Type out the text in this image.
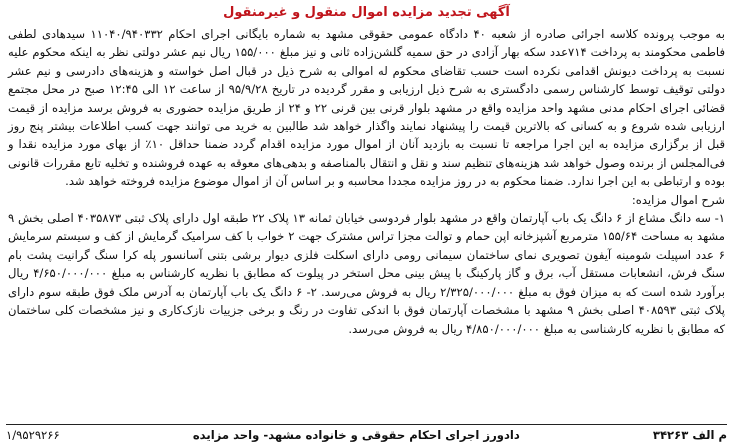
آگهی تجدید مزایده اموال منقول و غیرمنقول

به موجب پرونده کلاسه اجرائی صادره از شعبه ۴۰ دادگاه عمومی حقوقی مشهد به شماره بایگانی اجرای احکام ۱۱۰۴۰/۹۴۰۳۳۲ سیدهادی لطفی فاطمی محکومند به پرداخت ۷۱۴عدد سکه بهار آزادی در حق سمیه گلشن‌زاده ثانی و نیز مبلغ ۱۵۵/۰۰۰ ریال نیم عشر دولتی نظر به اینکه محکوم علیه نسبت به پرداخت دیونش اقدامی نکرده است حسب تقاضای محکوم له اموالی به شرح ذیل در قبال اصل خواسته و هزینه‌های دادرسی و نیم عشر دولتی توقیف توسط کارشناس رسمی دادگستری به شرح ذیل ارزیابی و مقرر گردیده در تاریخ ۹۵/۹/۲۸ از ساعت ۱۲ الی ۱۲:۴۵ صبح در محل مجتمع قضائی اجرای احکام مدنی مشهد واحد مزایده واقع در مشهد بلوار قرنی بین قرنی ۲۲ و ۲۴ از طریق مزایده حضوری به فروش برسد مزایده از قیمت ارزیابی شده شروع و به کسانی که بالاترین قیمت را پیشنهاد نمایند واگذار خواهد شد طالبین به خرید می توانند جهت کسب اطلاعات بیشتر پنج روز قبل از برگزاری مزایده به این اجرا مراجعه تا نسبت به بازدید آنان از اموال مورد مزایده اقدام گردد ضمنا حداقل ۱۰٪ از بهای مورد مزایده نقدا و فی‌المجلس از برنده وصول خواهد شد هزینه‌های تنظیم سند و نقل و انتقال بالمناصفه و بدهی‌های معوقه به عهده فروشنده و تخلیه تابع مقررات قانونی بوده و ارتباطی به این اجرا ندارد. ضمنا محکوم به در روز مزایده مجددا محاسبه و بر اساس آن از اموال موضوع مزایده فروخته خواهد شد.

شرح اموال مزایده:

۱- سه دانگ مشاع از ۶ دانگ یک باب آپارتمان واقع در مشهد بلوار فردوسی خیابان ثمانه ۱۳ پلاک ۲۲ طبقه اول دارای پلاک ثبتی ۴۰۳۵۸۷۳ اصلی بخش ۹ مشهد به مساحت ۱۵۵/۶۴ مترمربع آشپزخانه اپن حمام و توالت مجزا تراس مشترک جهت ۲ خواب با کف سرامیک گرمایش از کف و سیستم سرمایش ۶ عدد اسپیلت شومینه آیفون تصویری نمای ساختمان سیمانی رومی دارای اسکلت فلزی دیوار برشی بتنی آسانسور پله کرا سنگ گرانیت پشت بام سنگ فرش، انشعابات مستقل آب، برق و گاز پارکینگ با پیش بینی محل استخر در پیلوت که مطابق با نظریه کارشناس به مبلغ ۴/۶۵۰/۰۰۰/۰۰۰ ریال برآورد شده است که به میزان فوق به مبلغ ۲/۳۲۵/۰۰۰/۰۰۰ ریال به فروش می‌رسد. ۲- ۶ دانگ یک باب آپارتمان به آدرس ملک فوق طبقه سوم دارای پلاک ثبتی ۴۰۸۵۹۳ اصلی بخش ۹ مشهد با مشخصات آپارتمان فوق با اندکی تفاوت در رنگ و برخی جزییات نازک‌کاری و نیز مشخصات کلی ساختمان که مطابق با نظریه کارشناسی به مبلغ ۴/۸۵۰/۰۰۰/۰۰۰ ریال به فروش می‌رسد.

م الف ۳۴۲۶۳
دادورز اجرای احکام حقوقی و خانواده مشهد- واحد مزایده
۱/۹۵۲۹۲۶۶
